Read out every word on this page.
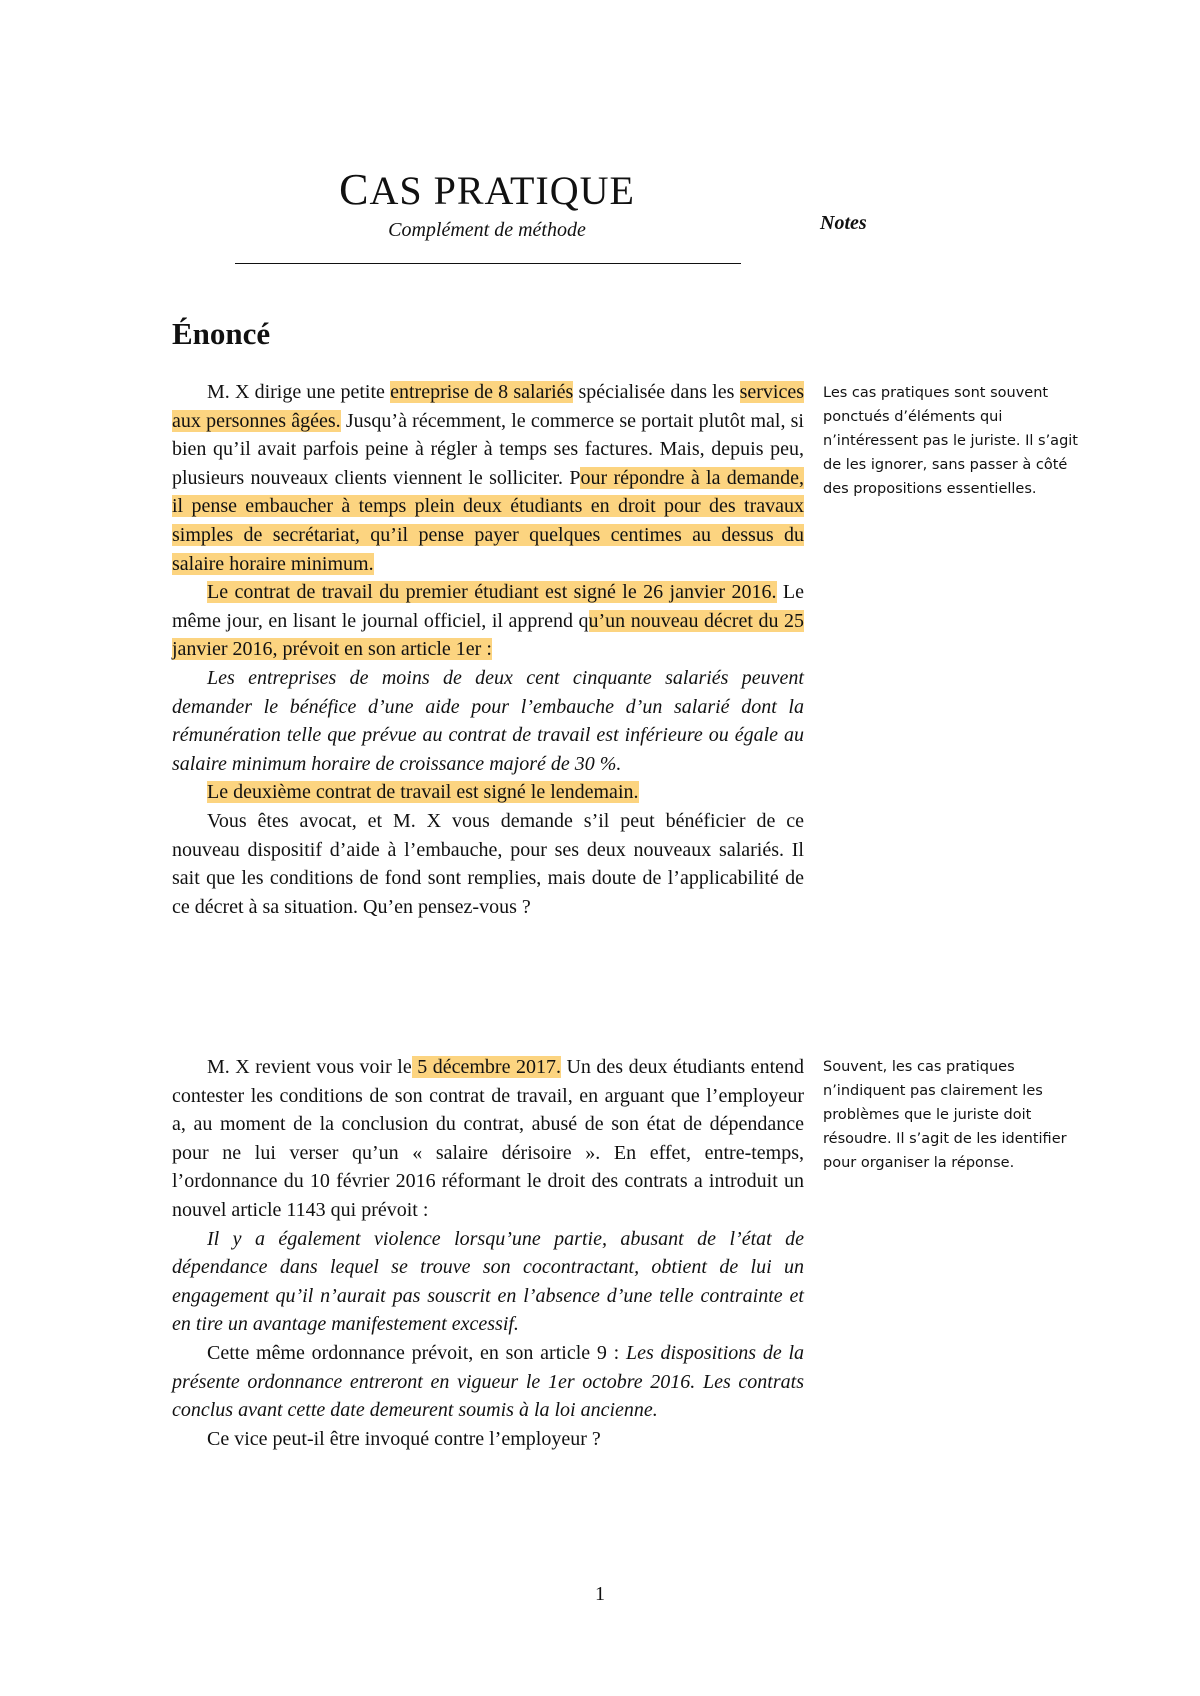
CAS PRATIQUE
Complément de méthode	Notes
Énoncé

M. X dirige une petite entreprise de 8 salariés spécialisée dans les services aux personnes âgées. Jusqu’à récemment, le commerce se portait plutôt mal, si bien qu’il avait parfois peine à régler à temps ses factures. Mais, depuis peu, plusieurs nouveaux clients viennent le solliciter. Pour répondre à la demande, il pense embaucher à temps plein deux étudiants en droit pour des travaux simples de secrétariat, qu’il pense payer quelques centimes au dessus du salaire horaire minimum.

Le contrat de travail du premier étudiant est signé le 26 janvier 2016. Le même jour, en lisant le journal officiel, il apprend qu’un nouveau décret du 25 janvier 2016, prévoit en son article 1er :

Les entreprises de moins de deux cent cinquante salariés peuvent demander le bénéfice d’une aide pour l’embauche d’un salarié dont la rémunération telle que prévue au contrat de travail est inférieure ou égale au salaire minimum horaire de croissance majoré de 30 %.

Le deuxième contrat de travail est signé le lendemain.

Vous êtes avocat, et M. X vous demande s’il peut bénéficier de ce nouveau dispositif d’aide à l’embauche, pour ses deux nouveaux salariés. Il sait que les conditions de fond sont remplies, mais doute de l’applicabilité de ce décret à sa situation. Qu’en pensez-vous ?

M. X revient vous voir le 5 décembre 2017. Un des deux étudiants entend contester les conditions de son contrat de travail, en arguant que l’employeur a, au moment de la conclusion du contrat, abusé de son état de dépendance pour ne lui verser qu’un « salaire dérisoire ». En effet, entre-temps, l’ordonnance du 10 février 2016 réformant le droit des contrats a introduit un nouvel article 1143 qui prévoit :

Il y a également violence lorsqu’une partie, abusant de l’état de dépendance dans lequel se trouve son cocontractant, obtient de lui un engagement qu’il n’aurait pas souscrit en l’absence d’une telle contrainte et en tire un avantage manifestement excessif.

Cette même ordonnance prévoit, en son article 9 : Les dispositions de la présente ordonnance entreront en vigueur le 1er octobre 2016. Les contrats conclus avant cette date demeurent soumis à la loi ancienne.

Ce vice peut-il être invoqué contre l’employeur ?

Les cas pratiques sont souvent ponctués d’éléments qui n’intéressent pas le juriste. Il s’agit de les ignorer, sans passer à côté des propositions essentielles.
Souvent, les cas pratiques n’indiquent pas clairement les problèmes que le juriste doit résoudre. Il s’agit de les identifier pour organiser la réponse.
1
